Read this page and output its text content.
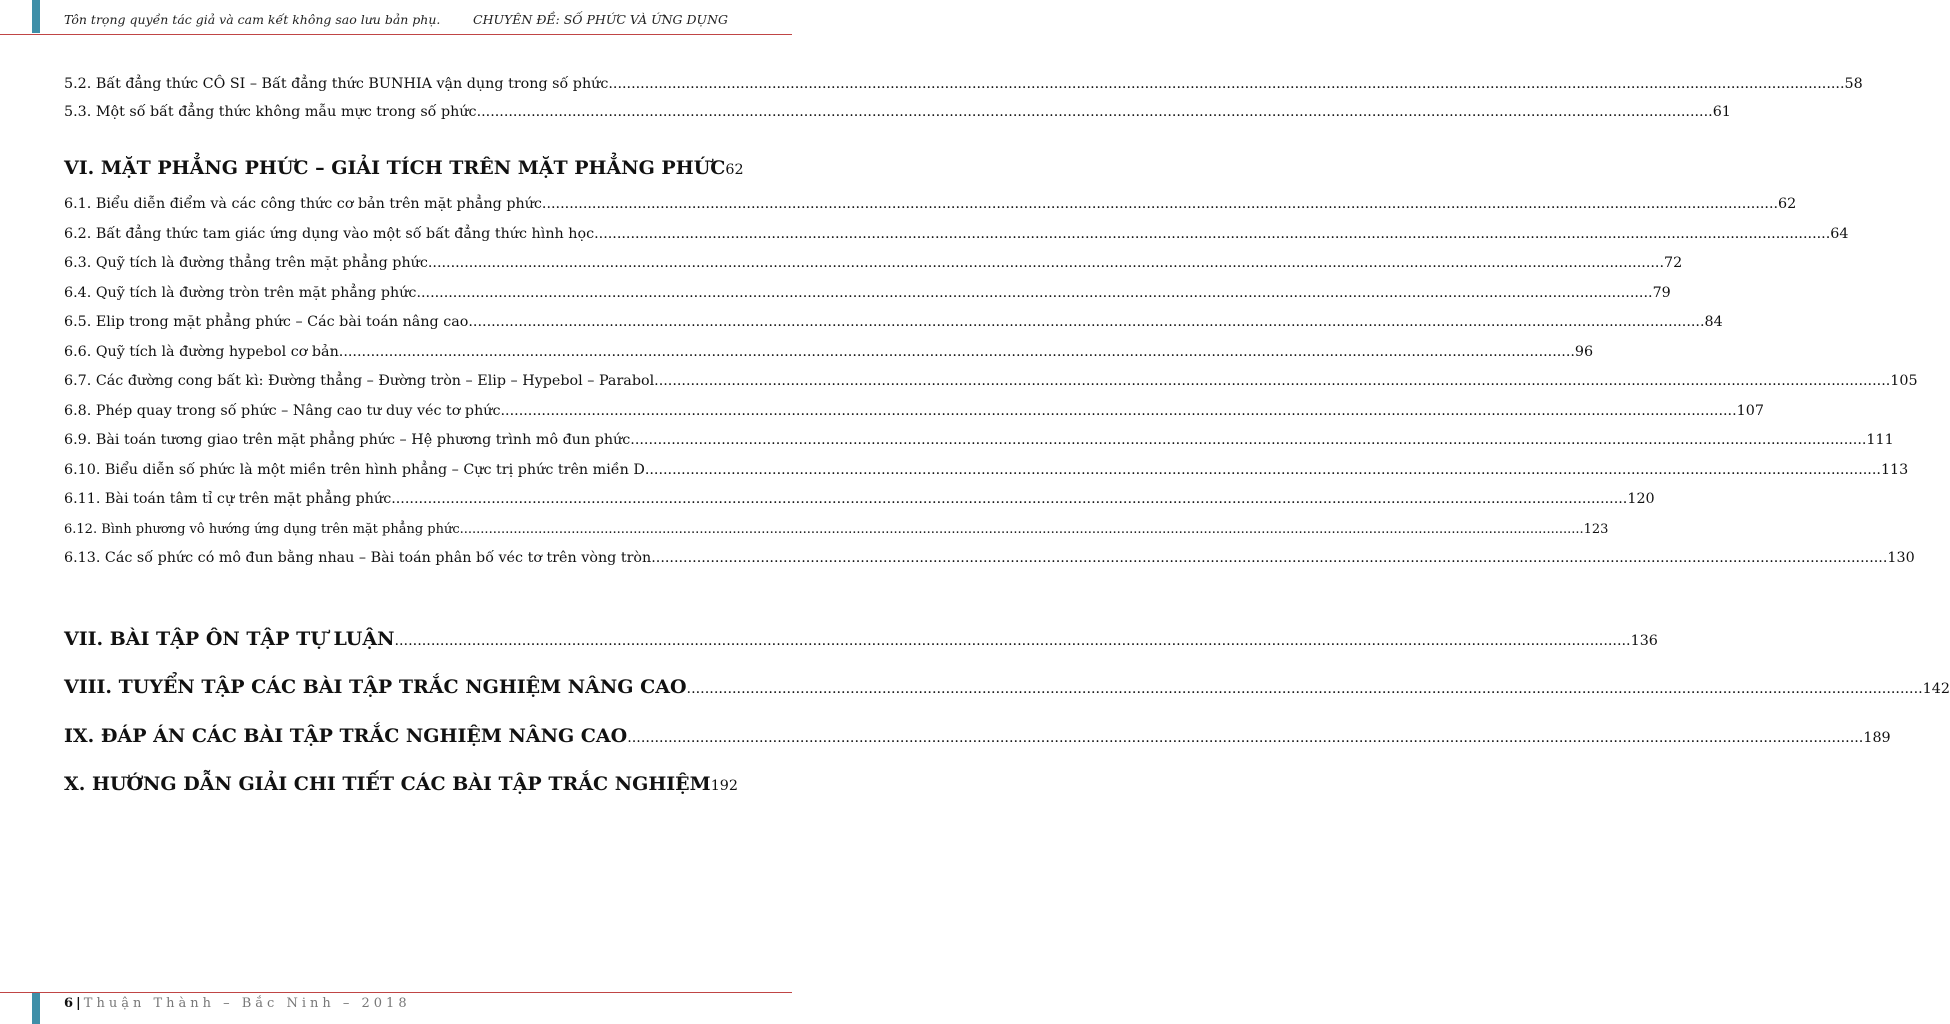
Tôn trọng quyền tác giả và cam kết không sao lưu bản phụ.	CHUYÊN ĐỀ: SỐ PHỨC VÀ ỨNG DỤNG
5.2. Bất đẳng thức CÔ SI – Bất đẳng thức BUNHIA vận dụng trong số phức .....	58
5.3. Một số bất đẳng thức không mẫu mực trong số phức .....	61
VI. MẶT PHẲNG PHỨC – GIẢI TÍCH TRÊN MẶT PHẲNG PHỨC 62
6.1. Biểu diễn điểm và các công thức cơ bản trên mặt phẳng phức .....	62
6.2. Bất đẳng thức tam giác ứng dụng vào một số bất đẳng thức hình học .....	64
6.3. Quỹ tích là đường thẳng trên mặt phẳng phức .....	72
6.4. Quỹ tích là đường tròn trên mặt phẳng phức .....	79
6.5. Elip trong mặt phẳng phức – Các bài toán nâng cao .....	84
6.6. Quỹ tích là đường hypebol cơ bản .....	96
6.7. Các đường cong bất kì: Đường thẳng – Đường tròn – Elip – Hypebol – Parabol .....	105
6.8. Phép quay trong số phức – Nâng cao tư duy véc tơ phức .....	107
6.9. Bài toán tương giao trên mặt phẳng phức – Hệ phương trình mô đun phức .....	111
6.10. Biểu diễn số phức là một miền trên hình phẳng – Cực trị phức trên miền D .....	113
6.11. Bài toán tâm tỉ cự trên mặt phẳng phức .....	120
6.12. Bình phương vô hướng ứng dụng trên mặt phẳng phức .....	123
6.13. Các số phức có mô đun bằng nhau – Bài toán phân bố véc tơ trên vòng tròn .....	130
VII. BÀI TẬP ÔN TẬP TỰ LUẬN .....	136
VIII. TUYỂN TẬP CÁC BÀI TẬP TRẮC NGHIỆM NÂNG CAO .....	142
IX. ĐÁP ÁN CÁC BÀI TẬP TRẮC NGHIỆM NÂNG CAO .....	189
X. HƯỚNG DẪN GIẢI CHI TIẾT CÁC BÀI TẬP TRẮC NGHIỆM 192
6 | Thuận Thành – Bắc Ninh – 2018
